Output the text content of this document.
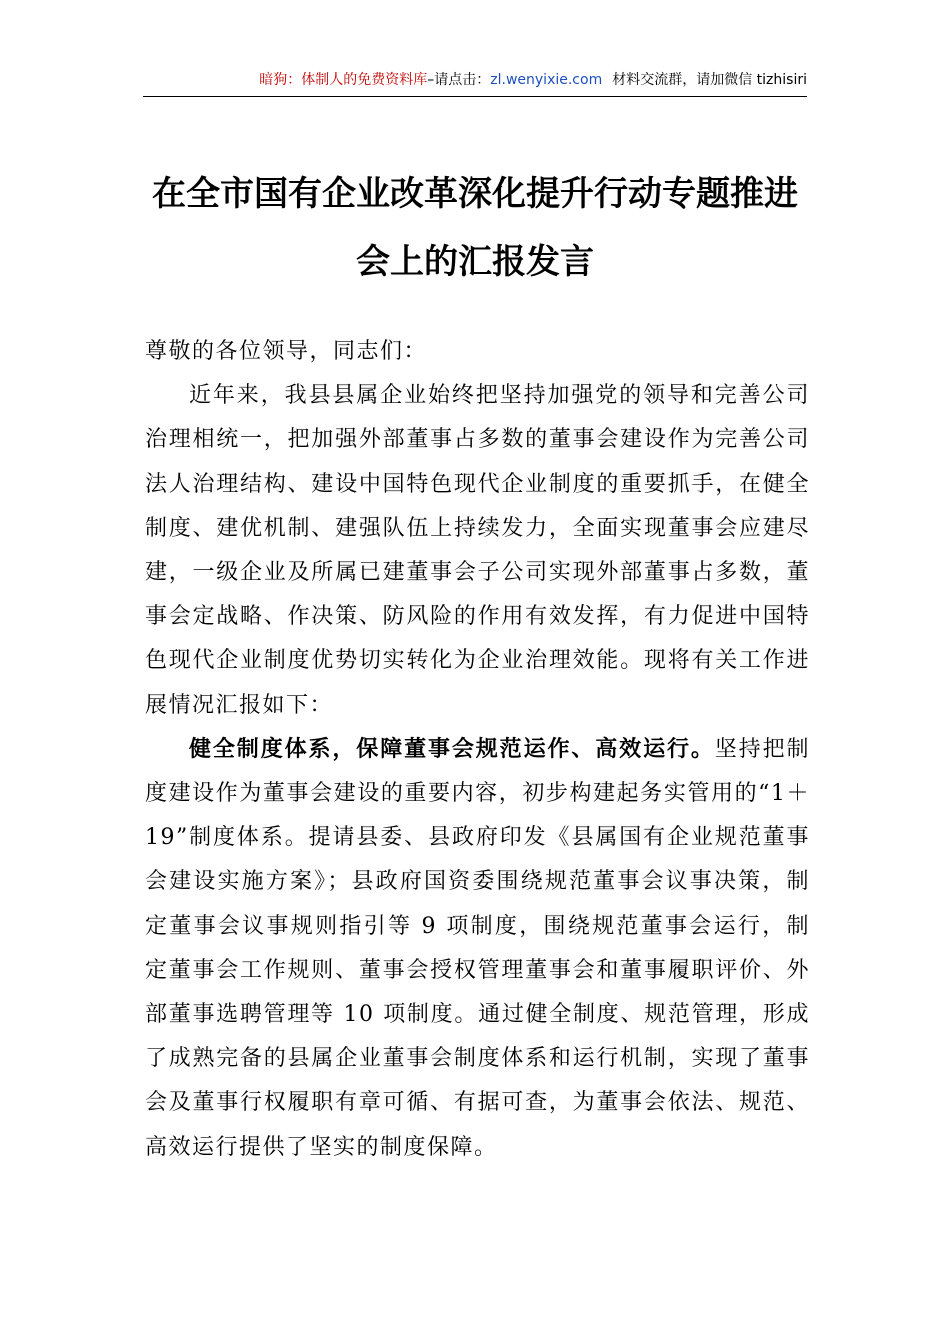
暗狗：体制人的免费资料库–请点击：zl.wenyixie.com 材料交流群，请加微信 tizhisiri
在全市国有企业改革深化提升行动专题推进会上的汇报发言

尊敬的各位领导，同志们：

近年来，我县县属企业始终把坚持加强党的领导和完善公司治理相统一，把加强外部董事占多数的董事会建设作为完善公司法人治理结构、建设中国特色现代企业制度的重要抓手，在健全制度、建优机制、建强队伍上持续发力，全面实现董事会应建尽建，一级企业及所属已建董事会子公司实现外部董事占多数，董事会定战略、作决策、防风险的作用有效发挥，有力促进中国特色现代企业制度优势切实转化为企业治理效能。现将有关工作进展情况汇报如下：

健全制度体系，保障董事会规范运作、高效运行。坚持把制度建设作为董事会建设的重要内容，初步构建起务实管用的“1＋19”制度体系。提请县委、县政府印发《县属国有企业规范董事会建设实施方案》；县政府国资委围绕规范董事会议事决策，制定董事会议事规则指引等 9 项制度，围绕规范董事会运行，制定董事会工作规则、董事会授权管理董事会和董事履职评价、外部董事选聘管理等 10 项制度。通过健全制度、规范管理，形成了成熟完备的县属企业董事会制度体系和运行机制，实现了董事会及董事行权履职有章可循、有据可查，为董事会依法、规范、高效运行提供了坚实的制度保障。
